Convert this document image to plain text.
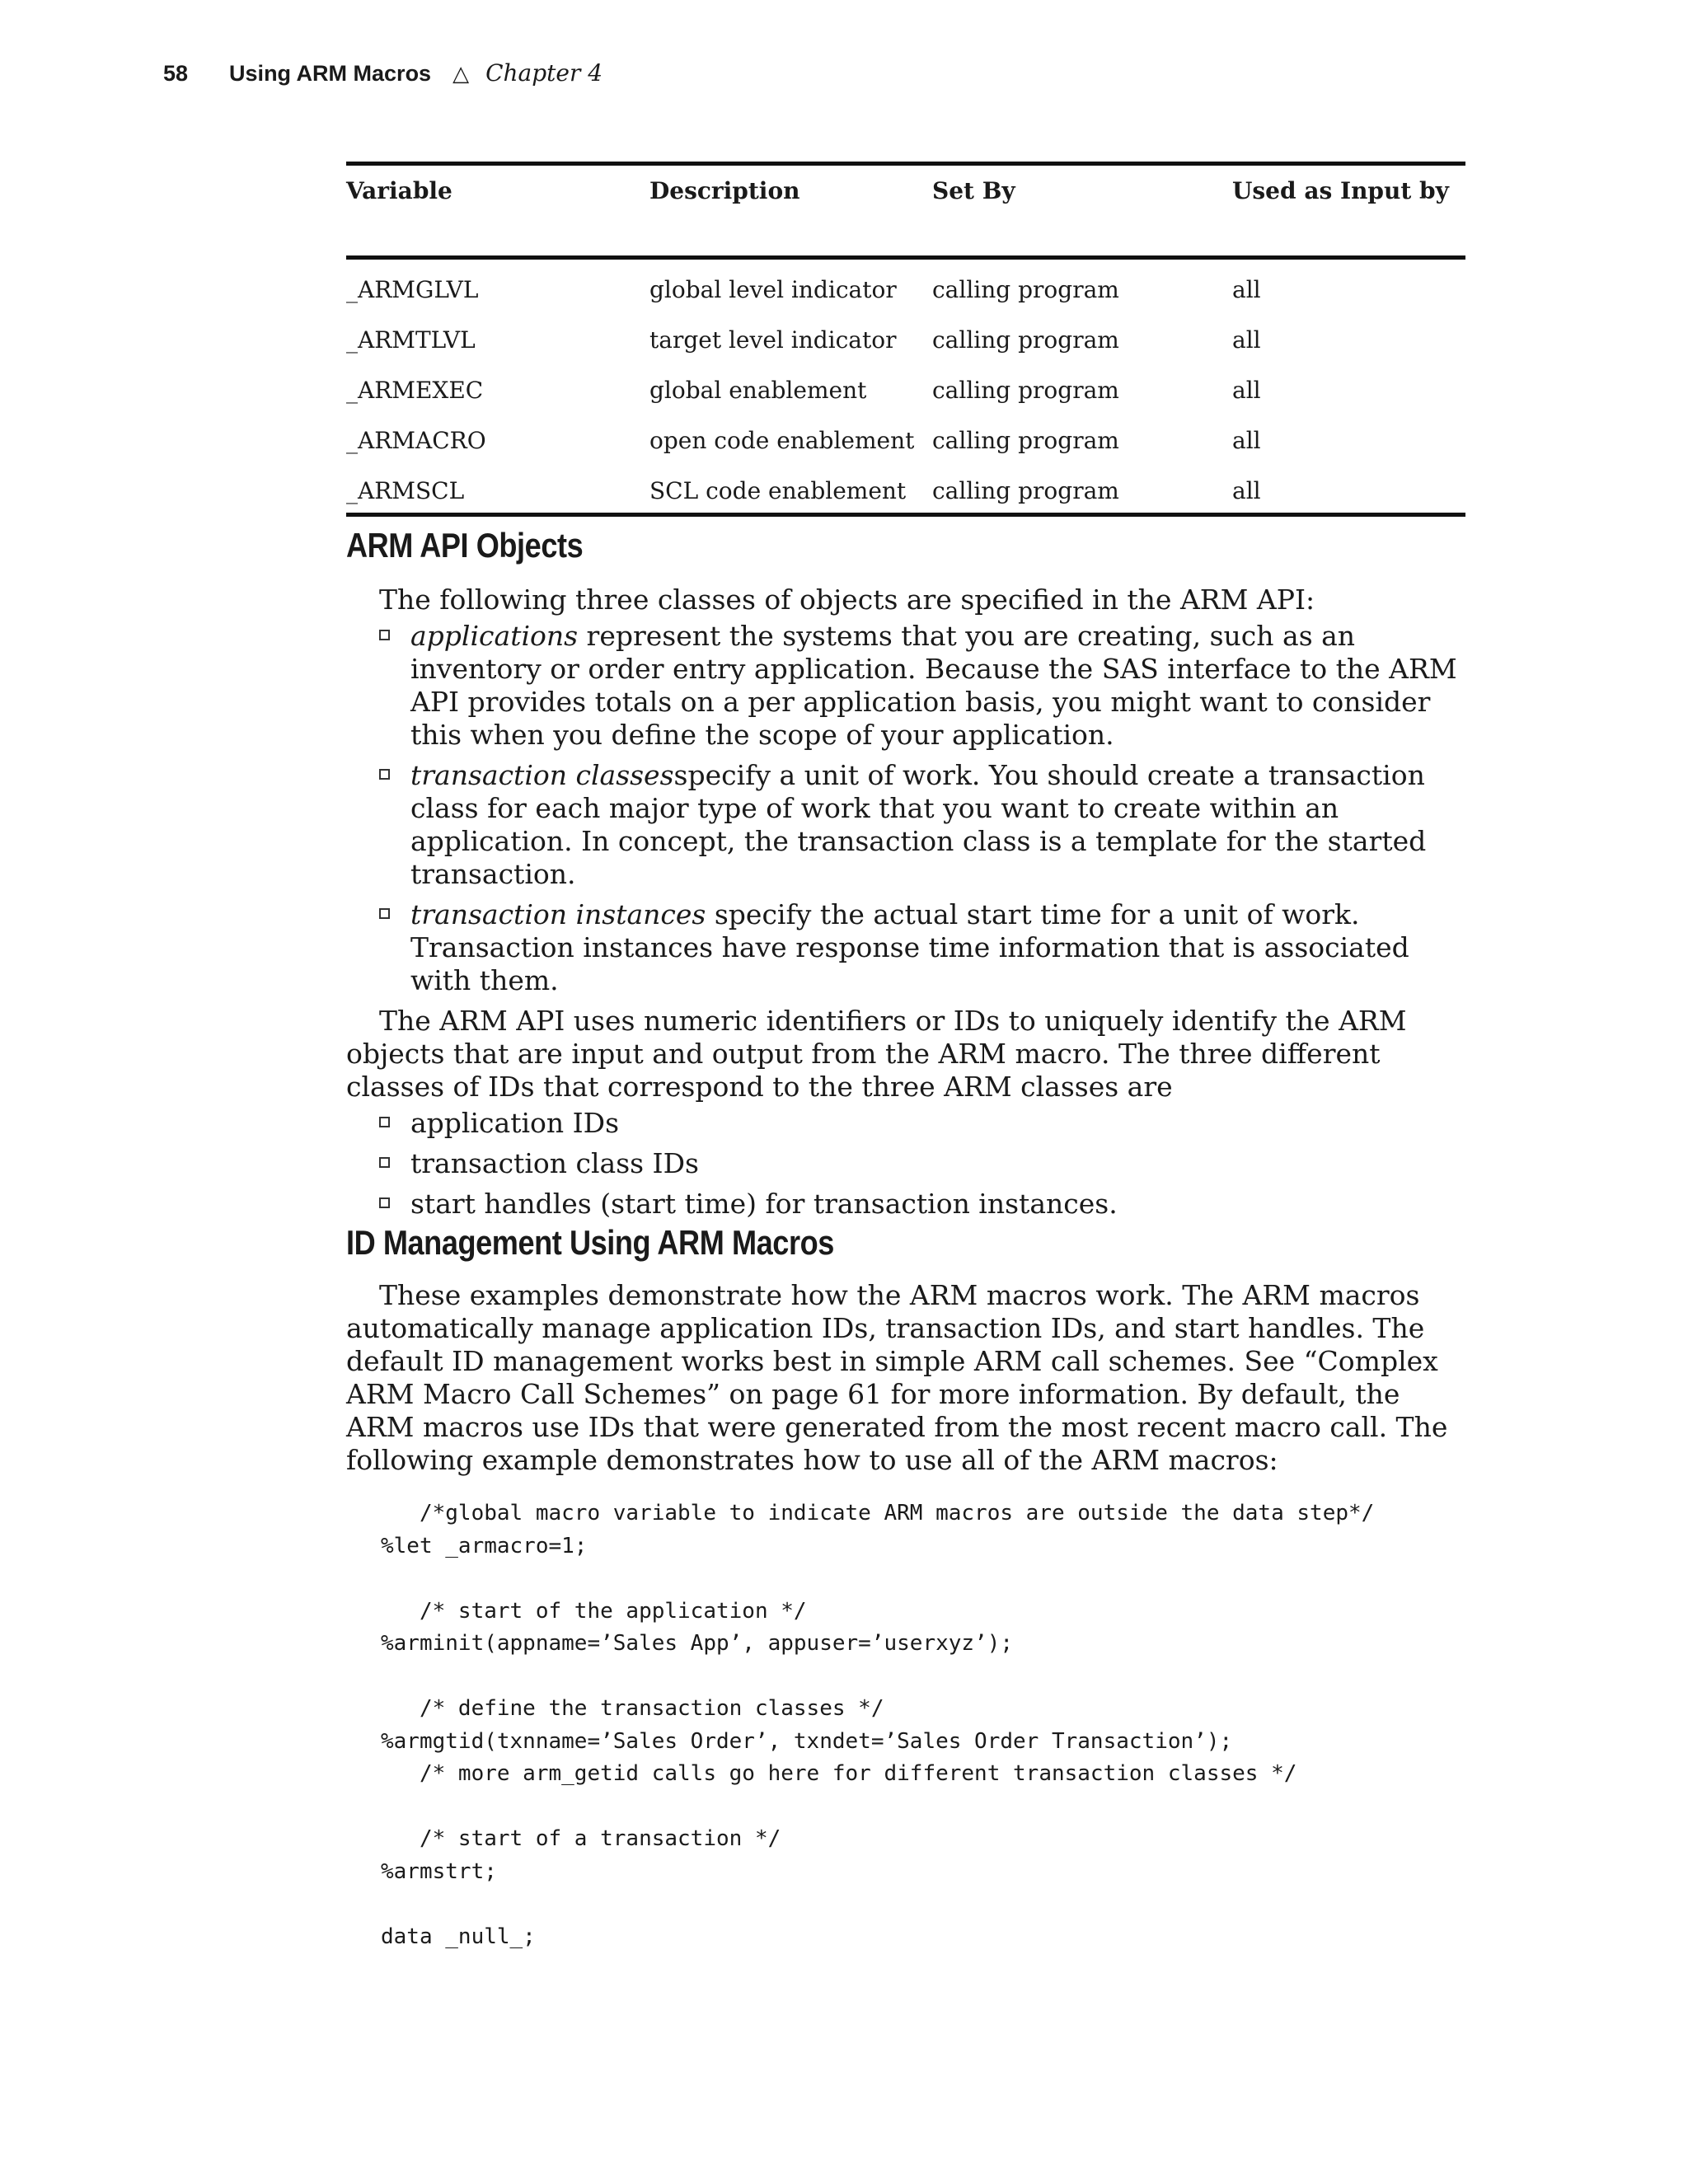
58 Using ARM Macros △ Chapter 4
Variable	Description	Set By	Used as Input by
_ARMGLVL	global level indicator	calling program	all
_ARMTLVL	target level indicator	calling program	all
_ARMEXEC	global enablement	calling program	all
_ARMACRO	open code enablement	calling program	all
_ARMSCL	SCL code enablement	calling program	all
ARM API Objects

The following three classes of objects are specified in the ARM API:

applications represent the systems that you are creating, such as an inventory or order entry application. Because the SAS interface to the ARM API provides totals on a per application basis, you might want to consider this when you define the scope of your application.
transaction classesspecify a unit of work. You should create a transaction class for each major type of work that you want to create within an application. In concept, the transaction class is a template for the started transaction.
transaction instances specify the actual start time for a unit of work. Transaction instances have response time information that is associated with them.

The ARM API uses numeric identifiers or IDs to uniquely identify the ARM objects that are input and output from the ARM macro. The three different classes of IDs that correspond to the three ARM classes are

application IDs
transaction class IDs
start handles (start time) for transaction instances.
ID Management Using ARM Macros

These examples demonstrate how the ARM macros work. The ARM macros automatically manage application IDs, transaction IDs, and start handles. The default ID management works best in simple ARM call schemes. See “Complex ARM Macro Call Schemes” on page 61 for more information. By default, the ARM macros use IDs that were generated from the most recent macro call. The following example demonstrates how to use all of the ARM macros:

/*global macro variable to indicate ARM macros are outside the data step*/
%let _armacro=1;

/* start of the application */
%arminit(appname=’Sales App’, appuser=’userxyz’);

/* define the transaction classes */
%armgtid(txnname=’Sales Order’, txndet=’Sales Order Transaction’);
/* more arm_getid calls go here for different transaction classes */

/* start of a transaction */
%armstrt;

data _null_;
